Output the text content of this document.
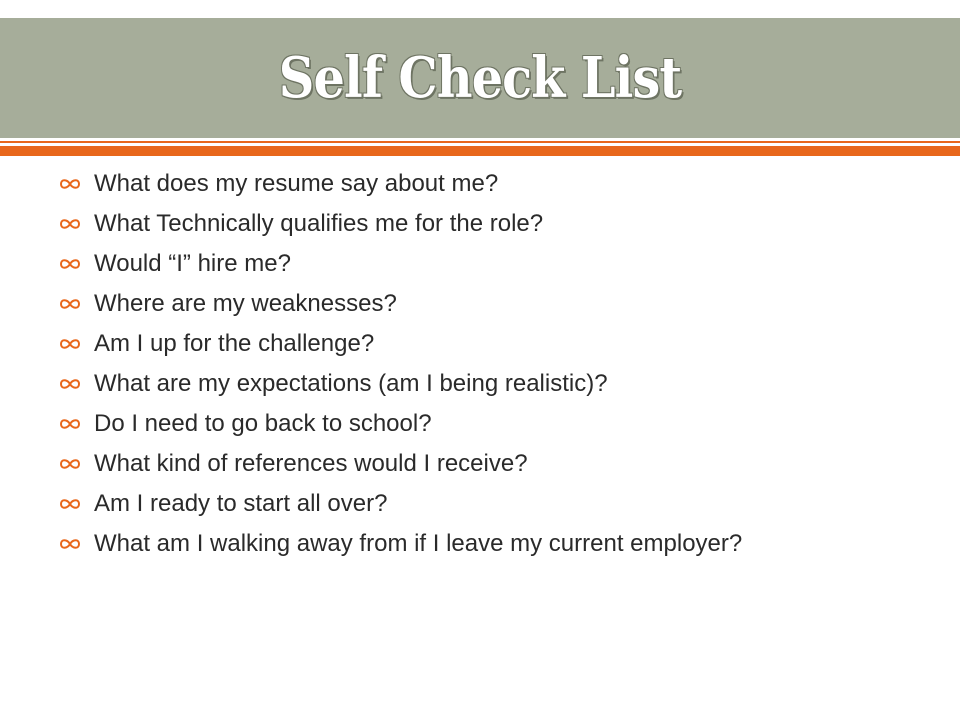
Self Check List
What does my resume say about me?
What Technically qualifies me for the role?
Would “I” hire me?
Where are my weaknesses?
Am I up for the challenge?
What are my expectations (am I being realistic)?
Do I need to go back to school?
What kind of references would I receive?
Am I ready to start all over?
What am I walking away from if I leave my current employer?
